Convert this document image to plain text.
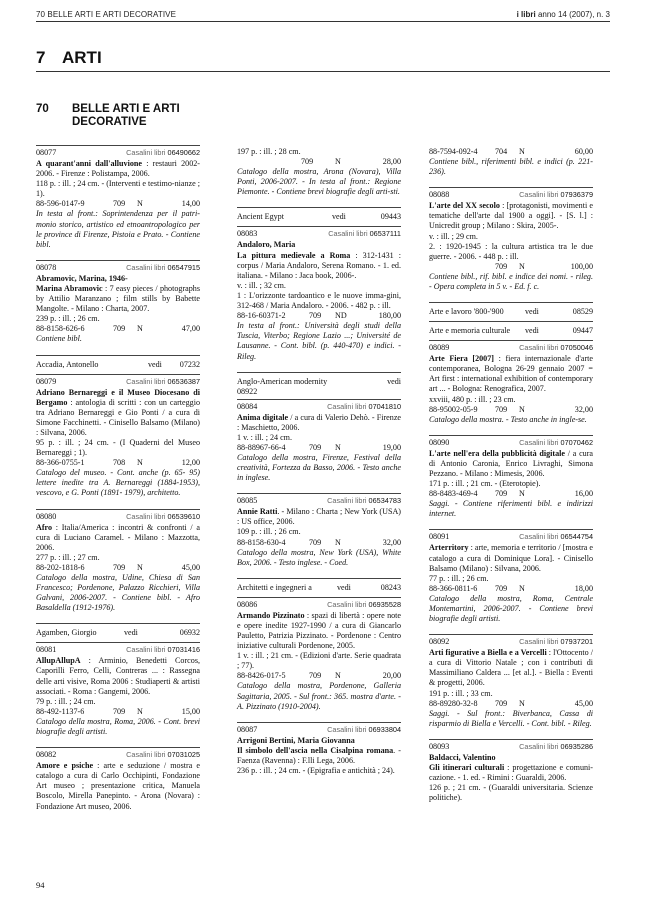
70 BELLE ARTI E ARTI DECORATIVE	i libri anno 14 (2007), n. 3
7 ARTI
70 BELLE ARTI E ARTI
DECORATIVE
08077	Casalini libri 06490662

A quarant'anni dall'alluvione : restauri 2002-2006. - Firenze : Polistampa, 2006.

118 p. : ill. ; 24 cm. - (Interventi e testimo-nianze ; 1).

88-596-0147-9	709 N	14,00

In testa al front.: Soprintendenza per il patri-monio storico, artistico ed etnoantropologico per le province di Firenze, Pistoia e Prato. - Contiene bibl.

08078	Casalini libri 06547915

Abramovic, Marina, 1946-

Marina Abramovic : 7 easy pieces / photographs by Attilio Maranzano ; film stills by Babette Mangolte. - Milano : Charta, 2007.

239 p. : ill. ; 26 cm.

88-8158-626-6	709 N	47,00

Contiene bibl.

Accadia, Antonello	vedi 07232
08079	Casalini libri 06536387

Adriano Bernareggi e il Museo Diocesano di Bergamo : antologia di scritti : con un carteggio tra Adriano Bernareggi e Gio Ponti / a cura di Simone Facchinetti. - Cinisello Balsamo (Milano) : Silvana, 2006.

95 p. : ill. ; 24 cm. - (I Quaderni del Museo Bernareggi ; 1).

88-366-0755-1	708 N	12,00

Catalogo del museo. - Cont. anche (p. 65- 95) lettere inedite tra A. Bernareggi (1884-1953), vescovo, e G. Ponti (1891- 1979), architetto.

08080	Casalini libri 06539610

Afro : Italia/America : incontri & confronti / a cura di Luciano Caramel. - Milano : Mazzotta, 2006.

277 p. : ill. ; 27 cm.

88-202-1818-6	709 N	45,00

Catalogo della mostra, Udine, Chiesa di San Francesco; Pordenone, Palazzo Ricchieri, Villa Galvani, 2006-2007. - Contiene bibl. - Afro Basaldella (1912-1976).

Agamben, Giorgio	vedi	06932
08081	Casalini libri 07031416

AllupAllupA : Arminio, Benedetti Corcos, Caporilli Ferro, Celli, Contreras ... : Rassegna delle arti visive, Roma 2006 : Studiaperti & artisti associati. - Roma : Gangemi, 2006.

79 p. : ill. ; 24 cm.

88-492-1137-6	709 N	15,00

Catalogo della mostra, Roma, 2006. - Cont. brevi biografie degli artisti.

08082	Casalini libri 07031025

Amore e psiche : arte e seduzione / mostra e catalogo a cura di Carlo Occhipinti, Fondazione Art museo ; presentazione critica, Manuela Boscolo, Mirella Panepinto. - Arona (Novara) : Fondazione Art museo, 2006.

197 p. : ill. ; 28 cm.

709	N	28,00

Catalogo della mostra, Arona (Novara), Villa Ponti, 2006-2007. - In testa al front.: Regione Piemonte. - Contiene brevi biografie degli arti-sti.

Ancient Egypt	vedi	09443
08083	Casalini libri 06537111

Andaloro, Maria

La pittura medievale a Roma : 312-1431 : corpus / Maria Andaloro, Serena Romano. - 1. ed. italiana. - Milano : Jaca book, 2006-.

v. : ill. ; 32 cm.

1 : L'orizzonte tardoantico e le nuove imma-gini, 312-468 / Maria Andaloro. - 2006. - 482 p. : ill.

88-16-60371-2	709 ND	180,00

In testa al front.: Università degli studi della Tuscia, Viterbo; Regione Lazio ...; Université de Lausanne. - Cont. bibl. (p. 440-470) e indici. - Rileg.

Anglo-American modernity	vedi
08922
08084	Casalini libri 07041810

Anima digitale / a cura di Valerio Dehò. - Firenze : Maschietto, 2006.

1 v. : ill. ; 24 cm.

88-88967-66-4	709 N	19,00

Catalogo della mostra, Firenze, Festival della creatività, Fortezza da Basso, 2006. - Testo anche in inglese.

08085	Casalini libri 06534783

Annie Ratti. - Milano : Charta ; New York (USA) : US office, 2006.

109 p. : ill. ; 26 cm.

88-8158-630-4	709 N	32,00

Catalogo della mostra, New York (USA), White Box, 2006. - Testo inglese. - Coed.

Architetti e ingegneri a	vedi	08243
08086	Casalini libri 06935528

Armando Pizzinato : spazi di libertà : opere note e opere inedite 1927-1990 / a cura di Giancarlo Pauletto, Patrizia Pizzinato. - Pordenone : Centro iniziative culturali Pordenone, 2005.

1 v. : ill. ; 21 cm. - (Edizioni d'arte. Serie quadrata ; 77).

88-8426-017-5	709 N	20,00

Catalogo della mostra, Pordenone, Galleria Sagittaria, 2005. - Sul front.: 365. mostra d'arte. - A. Pizzinato (1910-2004).

08087	Casalini libri 06933804

Arrigoni Bertini, Maria Giovanna

Il simbolo dell'ascia nella Cisalpina romana. - Faenza (Ravenna) : F.lli Lega, 2006.

236 p. : ill. ; 24 cm. - (Epigrafia e antichità ; 24).

88-7594-092-4 704 N	60,00

Contiene bibl., riferimenti bibl. e indici (p. 221-236).

08088	Casalini libri 07936379

L'arte del XX secolo : [protagonisti, movimenti e tematiche dell'arte dal 1900 a oggi]. - [S. l.] : Unicredit group ; Milano : Skira, 2005-.

v. : ill. ; 29 cm.

2. : 1920-1945 : la cultura artistica tra le due guerre. - 2006. - 448 p. : ill.

709 N	100,00

Contiene bibl., rif. bibl. e indice dei nomi. - rileg. - Opera completa in 5 v. - Ed. f. c.

Arte e lavoro '800-'900	vedi	08529
Arte e memoria culturale vedi	09447
08089	Casalini libri 07050046

Arte Fiera [2007] : fiera internazionale d'arte contemporanea, Bologna 26-29 gennaio 2007 = Art first : international exhibition of contemporary art ... - Bologna: Renografica, 2007.

xxviii, 480 p. : ill. ; 23 cm.

88-95002-05-9 709 N	32,00

Catalogo della mostra. - Testo anche in ingle-se.

08090	Casalini libri 07070462

L'arte nell'era della pubblicità digitale / a cura di Antonio Caronia, Enrico Livraghi, Simona Pezzano. - Milano : Mimesis, 2006.

171 p. : ill. ; 21 cm. - (Eterotopie).

88-8483-469-4 709 N	16,00

Saggi. - Contiene riferimenti bibl. e indirizzi internet.

08091	Casalini libri 06544754

Arterritory : arte, memoria e territorio / [mostra e catalogo a cura di Dominique Lora]. - Cinisello Balsamo (Milano) : Silvana, 2006.

77 p. : ill. ; 26 cm.

88-366-0811-6 709 N	18,00

Catalogo della mostra, Roma, Centrale Montemartini, 2006-2007. - Contiene brevi biografie degli artisti.

08092	Casalini libri 07937201

Arti figurative a Biella e a Vercelli : l'Ottocento / a cura di Vittorio Natale ; con i contributi di Massimiliano Caldera ... [et al.]. - Biella : Eventi & progetti, 2006.

191 p. : ill. ; 33 cm.

88-89280-32-8 709 N	45,00

Saggi. - Sul front.: Biverbanca, Cassa di risparmio di Biella e Vercelli. - Cont. bibl. - Rileg.

08093	Casalini libri 06935286

Baldacci, Valentino

Gli itinerari culturali : progettazione e comuni-cazione. - 1. ed. - Rimini : Guaraldi, 2006.

126 p. ; 21 cm. - (Guaraldi universitaria. Scienze politiche).

94
